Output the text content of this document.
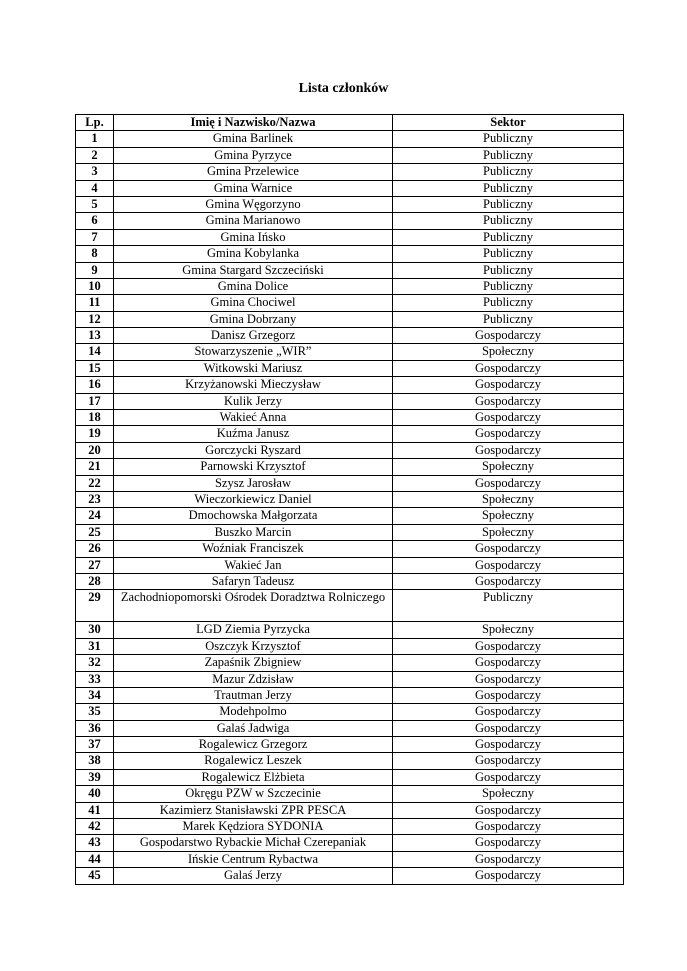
Lista członków
Lp.	Imię i Nazwisko/Nazwa	Sektor
1	Gmina Barlinek	Publiczny
2	Gmina Pyrzyce	Publiczny
3	Gmina Przelewice	Publiczny
4	Gmina Warnice	Publiczny
5	Gmina Węgorzyno	Publiczny
6	Gmina Marianowo	Publiczny
7	Gmina Ińsko	Publiczny
8	Gmina Kobylanka	Publiczny
9	Gmina Stargard Szczeciński	Publiczny
10	Gmina Dolice	Publiczny
11	Gmina Chociwel	Publiczny
12	Gmina Dobrzany	Publiczny
13	Danisz Grzegorz	Gospodarczy
14	Stowarzyszenie „WIR”	Społeczny
15	Witkowski Mariusz	Gospodarczy
16	Krzyżanowski Mieczysław	Gospodarczy
17	Kulik Jerzy	Gospodarczy
18	Wakieć Anna	Gospodarczy
19	Kuźma Janusz	Gospodarczy
20	Gorczycki Ryszard	Gospodarczy
21	Parnowski Krzysztof	Społeczny
22	Szysz Jarosław	Gospodarczy
23	Wieczorkiewicz Daniel	Społeczny
24	Dmochowska Małgorzata	Społeczny
25	Buszko Marcin	Społeczny
26	Woźniak Franciszek	Gospodarczy
27	Wakieć Jan	Gospodarczy
28	Safaryn Tadeusz	Gospodarczy
29	Zachodniopomorski Ośrodek Doradztwa Rolniczego	Publiczny
30	LGD Ziemia Pyrzycka	Społeczny
31	Oszczyk Krzysztof	Gospodarczy
32	Zapaśnik Zbigniew	Gospodarczy
33	Mazur Zdzisław	Gospodarczy
34	Trautman Jerzy	Gospodarczy
35	Modehpolmo	Gospodarczy
36	Galaś Jadwiga	Gospodarczy
37	Rogalewicz Grzegorz	Gospodarczy
38	Rogalewicz Leszek	Gospodarczy
39	Rogalewicz Elżbieta	Gospodarczy
40	Okręgu PZW w Szczecinie	Społeczny
41	Kazimierz Stanisławski ZPR PESCA	Gospodarczy
42	Marek Kędziora SYDONIA	Gospodarczy
43	Gospodarstwo Rybackie Michał Czerepaniak	Gospodarczy
44	Ińskie Centrum Rybactwa	Gospodarczy
45	Galaś Jerzy	Gospodarczy
